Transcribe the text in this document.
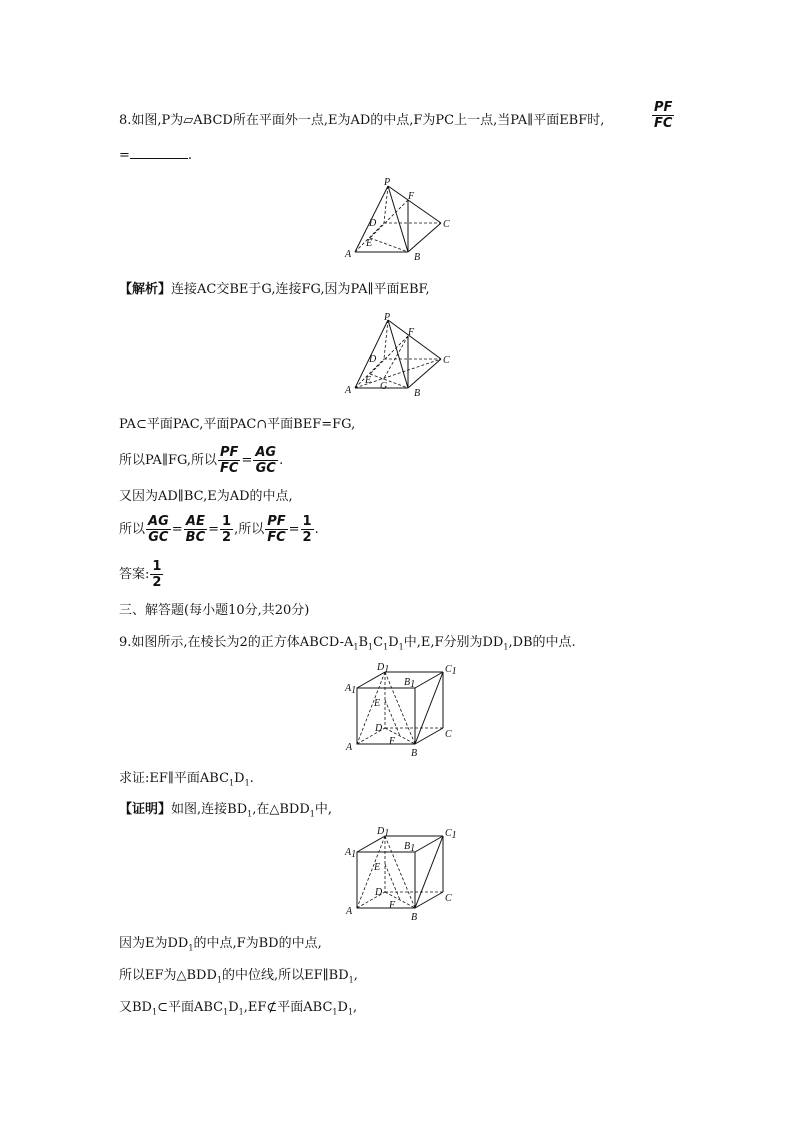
8.如图,P为▱ABCD所在平面外一点,E为AD的中点,F为PC上一点,当PA∥平面EBF时,	$\frac{PF}{FC}$
=	.
P
F
D	C
E
A	B
【解析】连接AC交BE于G,连接FG,因为PA∥平面EBF,
P
F
D	C
E
G
A	B
PA⊂平面PAC,平面PAC∩平面BEF=FG,
所以PA∥FG,所以 $\frac{PF}{FC} = \frac{AG}{GC}$ .
又因为AD∥BC,E为AD的中点,
所以 $\frac{AG}{GC} = \frac{AE}{BC} = \frac{1}{2}$ ,所以 $\frac{PF}{FC} = \frac{1}{2}$ .
答案: $\frac{1}{2}$
三、解答题(每小题10分,共20分)
9.如图所示,在棱长为2的正方体ABCD-$A_1B_1C_1D_1$中,E,F分别为$DD_1,DB$的中点.
D1	C1
A1
B1
E
D
C
F
A
B
求证:EF∥平面$ABC_1D_1$.
【证明】如图,连接$BD_1$,在$\triangle BDD_1$中,
D1	C1
A1
B1
E
D
C
F
A
B
因为E为$DD_1$的中点,F为BD的中点,
所以EF为$\triangle BDD_1$的中位线,所以$EF\parallel BD_1$,
又$BD_1\subset$平面$ABC_1D_1,EF⊄$平面$ABC_1D_1$,
